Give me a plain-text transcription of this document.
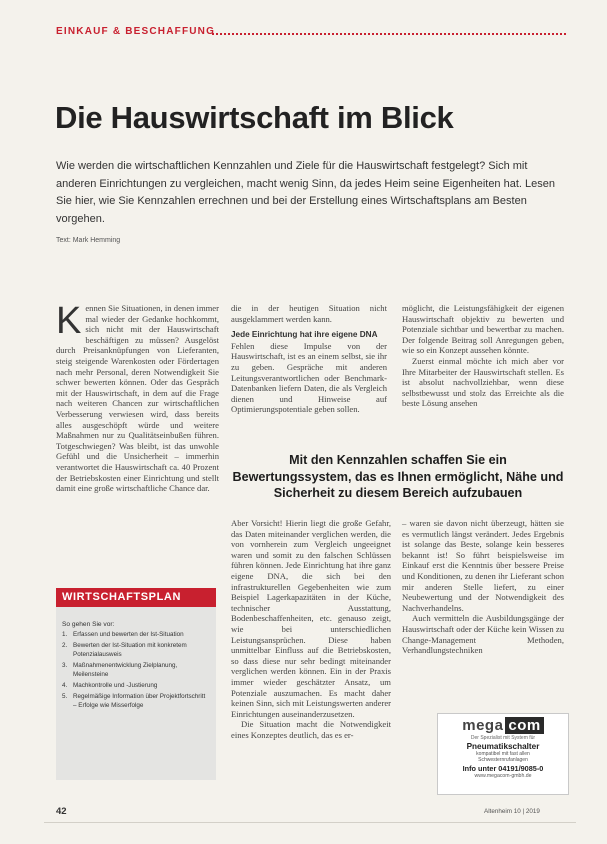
EINKAUF & BESCHAFFUNG
Die Hauswirtschaft im Blick

Wie werden die wirtschaftlichen Kennzahlen und Ziele für die Hauswirtschaft festgelegt? Sich mit anderen Einrichtungen zu vergleichen, macht wenig Sinn, da jedes Heim seine Eigenheiten hat. Lesen Sie hier, wie Sie Kennzahlen errechnen und bei der Erstellung eines Wirtschaftsplans am Besten vorgehen.

Text: Mark Hemming
K ennen Sie Situationen, in denen immer mal wieder der Gedanke hochkommt, sich nicht mit der Hauswirtschaft beschäftigen zu müssen? Ausgelöst durch Preisanknüpfungen von Lieferanten, steig steigende Warenkosten oder Fördertagen nach mehr Personal, deren Notwendigkeit Sie schwer bewerten können. Oder das Gespräch mit der Hauswirtschaft, in dem auf die Frage nach weiteren Chancen zur wirtschaftlichen Verbesserung verwiesen wird, dass bereits alles ausgeschöpft würde und weitere Maßnahmen nur zu Qualitätseinbußen führen. Totgeschwiegen? Was bleibt, ist das unwohle Gefühl und die Unsicherheit – immerhin verantwortet die Hauswirtschaft ca. 40 Prozent der Betriebskosten einer Einrichtung und stellt damit eine große wirtschaftliche Chance dar.

die in der heutigen Situation nicht ausgeklammert werden kann.

Jede Einrichtung hat ihre eigene DNA

Fehlen diese Impulse von der Hauswirtschaft, ist es an einem selbst, sie ihr zu geben. Gespräche mit anderen Leitungsverantwortlichen oder Benchmark-Datenbanken liefern Daten, die als Vergleich dienen und Hinweise auf Optimierungspotentiale geben sollen.

möglicht, die Leistungsfähigkeit der eigenen Hauswirtschaft objektiv zu bewerten und Potenziale sichtbar und bewertbar zu machen. Der folgende Beitrag soll Anregungen geben, wie so ein Konzept aussehen könnte.

Zuerst einmal möchte ich mich aber vor Ihre Mitarbeiter der Hauswirtschaft stellen. Es ist absolut nachvollziehbar, wenn diese selbstbewusst und stolz das Erreichte als die beste Lösung ansehen

Mit den Kennzahlen schaffen Sie ein Bewertungssystem, das es Ihnen ermöglicht, Nähe und Sicherheit zu diesem Bereich aufzubauen

Aber Vorsicht! Hierin liegt die große Gefahr, das Daten miteinander verglichen werden, die von vornherein zum Vergleich ungeeignet waren und somit zu den falschen Schlüssen führen können. Jede Einrichtung hat ihre ganz eigene DNA, die sich bei den infrastrukturellen Gegebenheiten wie zum Beispiel Lagerkapazitäten in der Küche, technischer Ausstattung, Bodenbeschaffenheiten, etc. genauso zeigt, wie bei unterschiedlichen Leistungsansprüchen. Diese haben unmittelbar Einfluss auf die Betriebskosten, so dass diese nur sehr bedingt miteinander verglichen werden können. Ein in der Praxis immer wieder geschätzter Ansatz, um Potenziale auszumachen. Es macht daher keinen Sinn, sich mit Leistungswerten anderer Einrichtungen auseinanderzusetzen.

Die Situation macht die Notwendigkeit eines Konzeptes deutlich, das es er-

– waren sie davon nicht überzeugt, hätten sie es vermutlich längst verändert. Jedes Ergebnis ist solange das Beste, solange kein besseres bekannt ist! So führt beispielsweise im Einkauf erst die Kenntnis über bessere Preise und Konditionen, zu denen ihr Lieferant schon mir anderen Stelle liefert, zu einer Neubewertung und der Notwendigkeit des Nachverhandelns.

Auch vermitteln die Ausbildungsgänge der Hauswirtschaft oder der Küche kein Wissen zu Change-Management Methoden, Verhandlungstechniken

WIRTSCHAFTSPLAN
So gehen Sie vor:
1. Erfassen und bewerten der Ist-Situation
2. Bewerten der Ist-Situation mit konkretem Potenzialausweis
3. Maßnahmenentwicklung Zielplanung, Meilensteine
4. Machkontrolle und -Justierung
5. Regelmäßige Information über Projektfortschritt – Erfolge wie Misserfolge
mega com
Der Spezialist mit System für
Pneumatikschalter
kompatibel mit fast allen
Schwesternrufanlagen
Info unter 04191/9085-0
www.megacom-gmbh.de
42	Altenheim 10 | 2019
